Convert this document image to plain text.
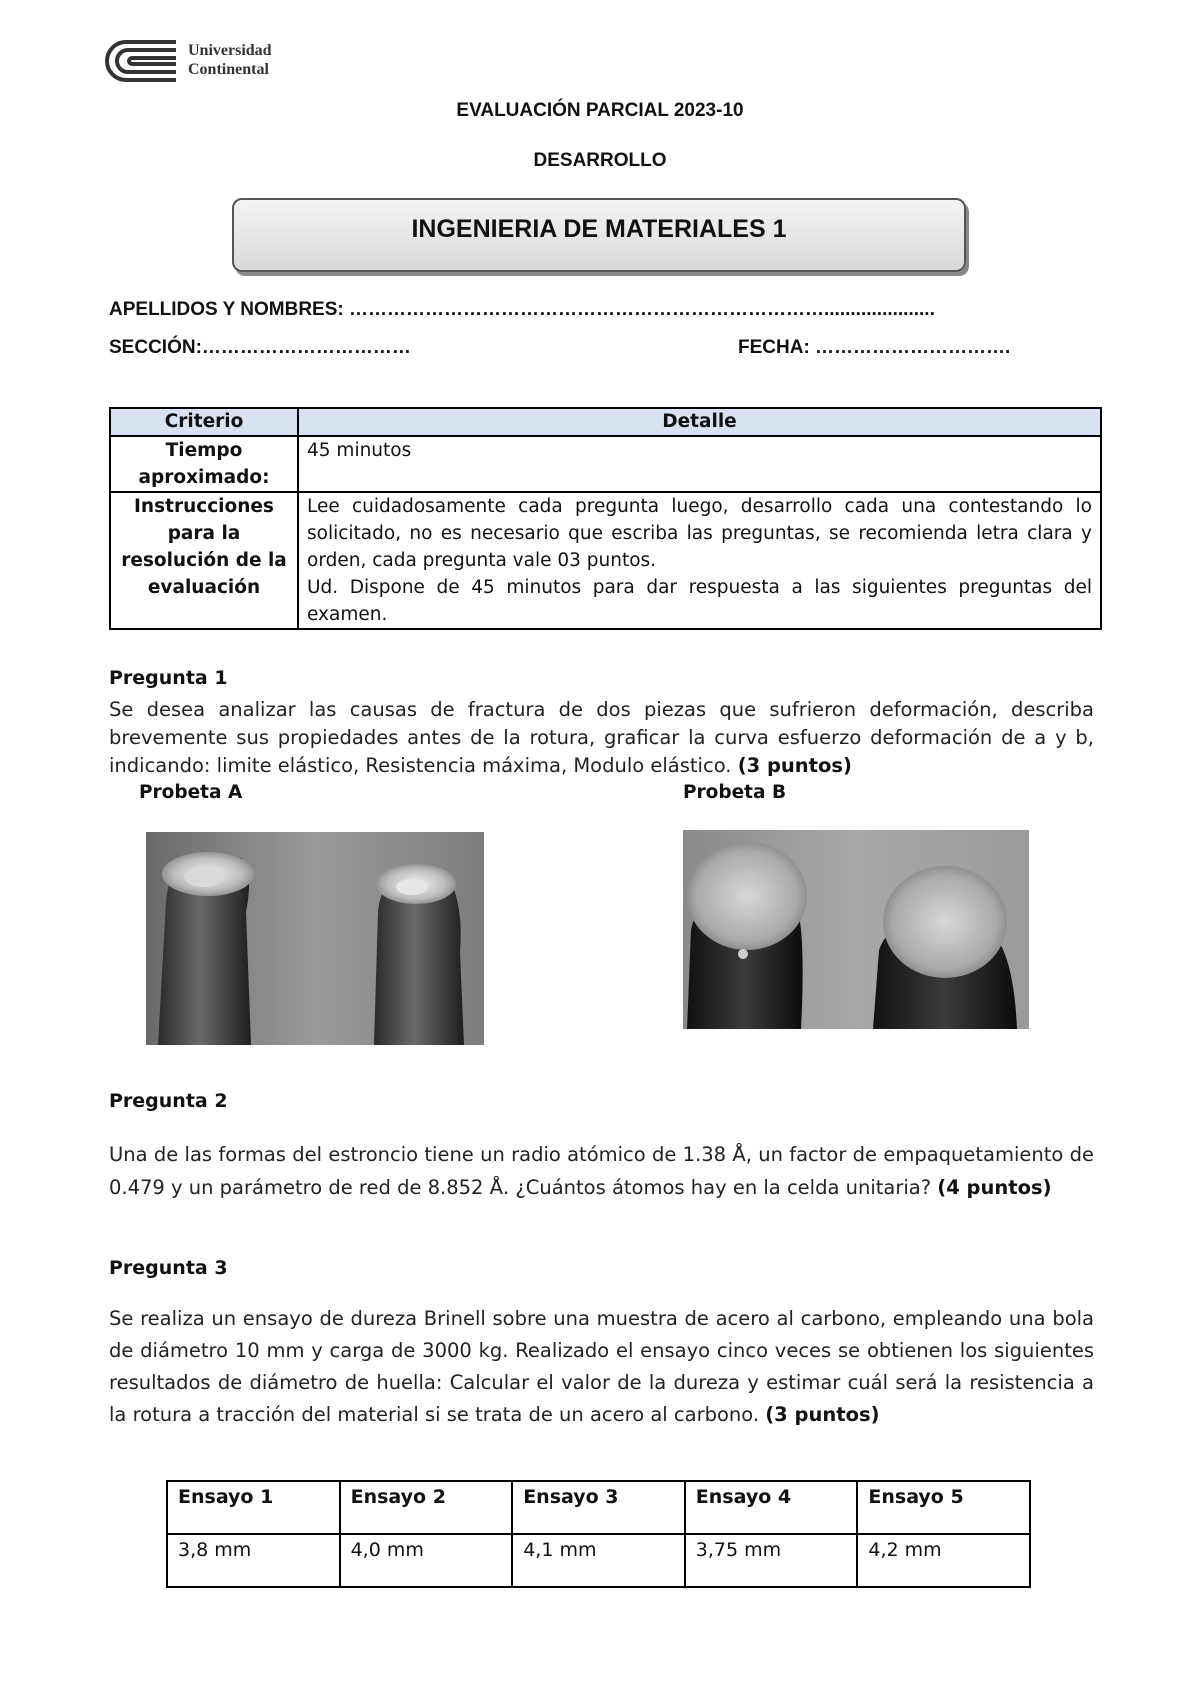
Universidad
Continental
EVALUACIÓN PARCIAL 2023-10
DESARROLLO
INGENIERIA DE MATERIALES 1
APELLIDOS Y NOMBRES: ………………………………………………………………….....................
SECCIÓN:……………………………	FECHA: ………………………….
Criterio	Detalle
Tiempo aproximado:	45 minutos
Instrucciones para la resolución de la evaluación	Lee cuidadosamente cada pregunta luego, desarrollo cada una contestando lo solicitado, no es necesario que escriba las preguntas, se recomienda letra clara y orden, cada pregunta vale 03 puntos.
Ud. Dispone de 45 minutos para dar respuesta a las siguientes preguntas del examen.
Pregunta 1
Se desea analizar las causas de fractura de dos piezas que sufrieron deformación, describa brevemente sus propiedades antes de la rotura, graficar la curva esfuerzo deformación de a y b, indicando: limite elástico, Resistencia máxima, Modulo elástico. (3 puntos)
Probeta A	Probeta B
Pregunta 2
Una de las formas del estroncio tiene un radio atómico de 1.38 Å, un factor de empaquetamiento de 0.479 y un parámetro de red de 8.852 Å. ¿Cuántos átomos hay en la celda unitaria? (4 puntos)
Pregunta 3
Se realiza un ensayo de dureza Brinell sobre una muestra de acero al carbono, empleando una bola de diámetro 10 mm y carga de 3000 kg. Realizado el ensayo cinco veces se obtienen los siguientes resultados de diámetro de huella: Calcular el valor de la dureza y estimar cuál será la resistencia a la rotura a tracción del material si se trata de un acero al carbono. (3 puntos)
Ensayo 1	Ensayo 2	Ensayo 3	Ensayo 4	Ensayo 5
3,8 mm	4,0 mm	4,1 mm	3,75 mm	4,2 mm
